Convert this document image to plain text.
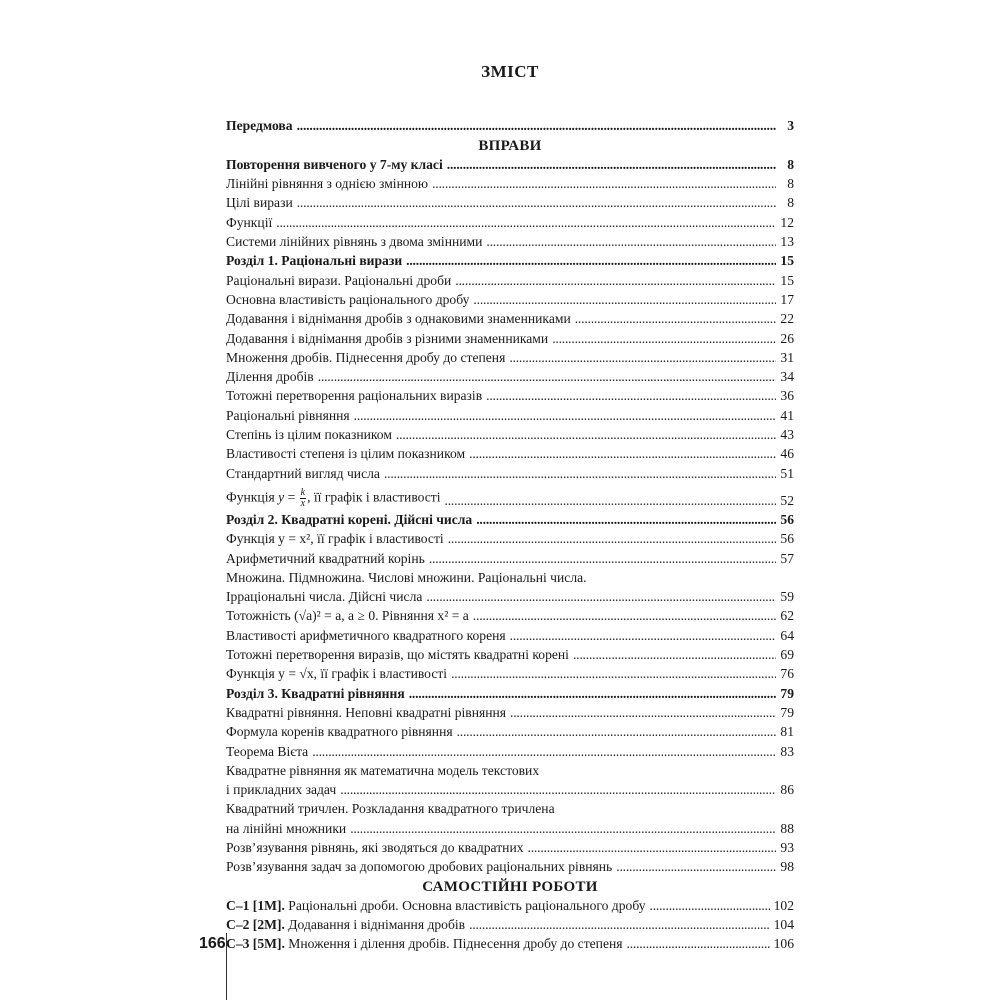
ЗМІСТ
Передмова . . .	3
ВПРАВИ
Повторення вивченого у 7-му класі . . .	8
Лінійні рівняння з однією змінною . . .	8
Цілі вирази . . .	8
Функції . . .	12
Системи лінійних рівнянь з двома змінними . . .	13
Розділ 1. Раціональні вирази . . .	15
Раціональні вирази. Раціональні дроби . . .	15
Основна властивість раціонального дробу . . .	17
Додавання і віднімання дробів з однаковими знаменниками . . .	22
Додавання і віднімання дробів з різними знаменниками . . .	26
Множення дробів. Піднесення дробу до степеня . . .	31
Ділення дробів . . .	34
Тотожні перетворення раціональних виразів . . .	36
Раціональні рівняння . . .	41
Степінь із цілим показником . . .	43
Властивості степеня із цілим показником . . .	46
Стандартний вигляд числа . . .	51
Функція $y = \frac{k}{x}$ , її графік і властивості . . .	52
Розділ 2. Квадратні корені. Дійсні числа . . .	56
Функція y = x², її графік і властивості . . .	56
Арифметичний квадратний корінь . . .	57
Множина. Підмножина. Числові множини. Раціональні числа.
Ірраціональні числа. Дійсні числа . . .	59
Тотожність (√a)² = a, a ≥ 0. Рівняння x² = a . . .	62
Властивості арифметичного квадратного кореня . . .	64
Тотожні перетворення виразів, що містять квадратні корені . . .	69
Функція y = √x, її графік і властивості . . .	76
Розділ 3. Квадратні рівняння . . .	79
Квадратні рівняння. Неповні квадратні рівняння . . .	79
Формула коренів квадратного рівняння . . .	81
Теорема Вієта . . .	83
Квадратне рівняння як математична модель текстових
і прикладних задач . . .	86
Квадратний тричлен. Розкладання квадратного тричлена
на лінійні множники . . .	88
Розв’язування рівнянь, які зводяться до квадратних . . .	93
Розв’язування задач за допомогою дробових раціональних рівнянь . . .	98
САМОСТІЙНІ РОБОТИ
С–1 [1М]. Раціональні дроби. Основна властивість раціонального дробу . . .	102
С–2 [2М]. Додавання і віднімання дробів . . .	104
С–3 [5М]. Множення і ділення дробів. Піднесення дробу до степеня . . .	106
166
